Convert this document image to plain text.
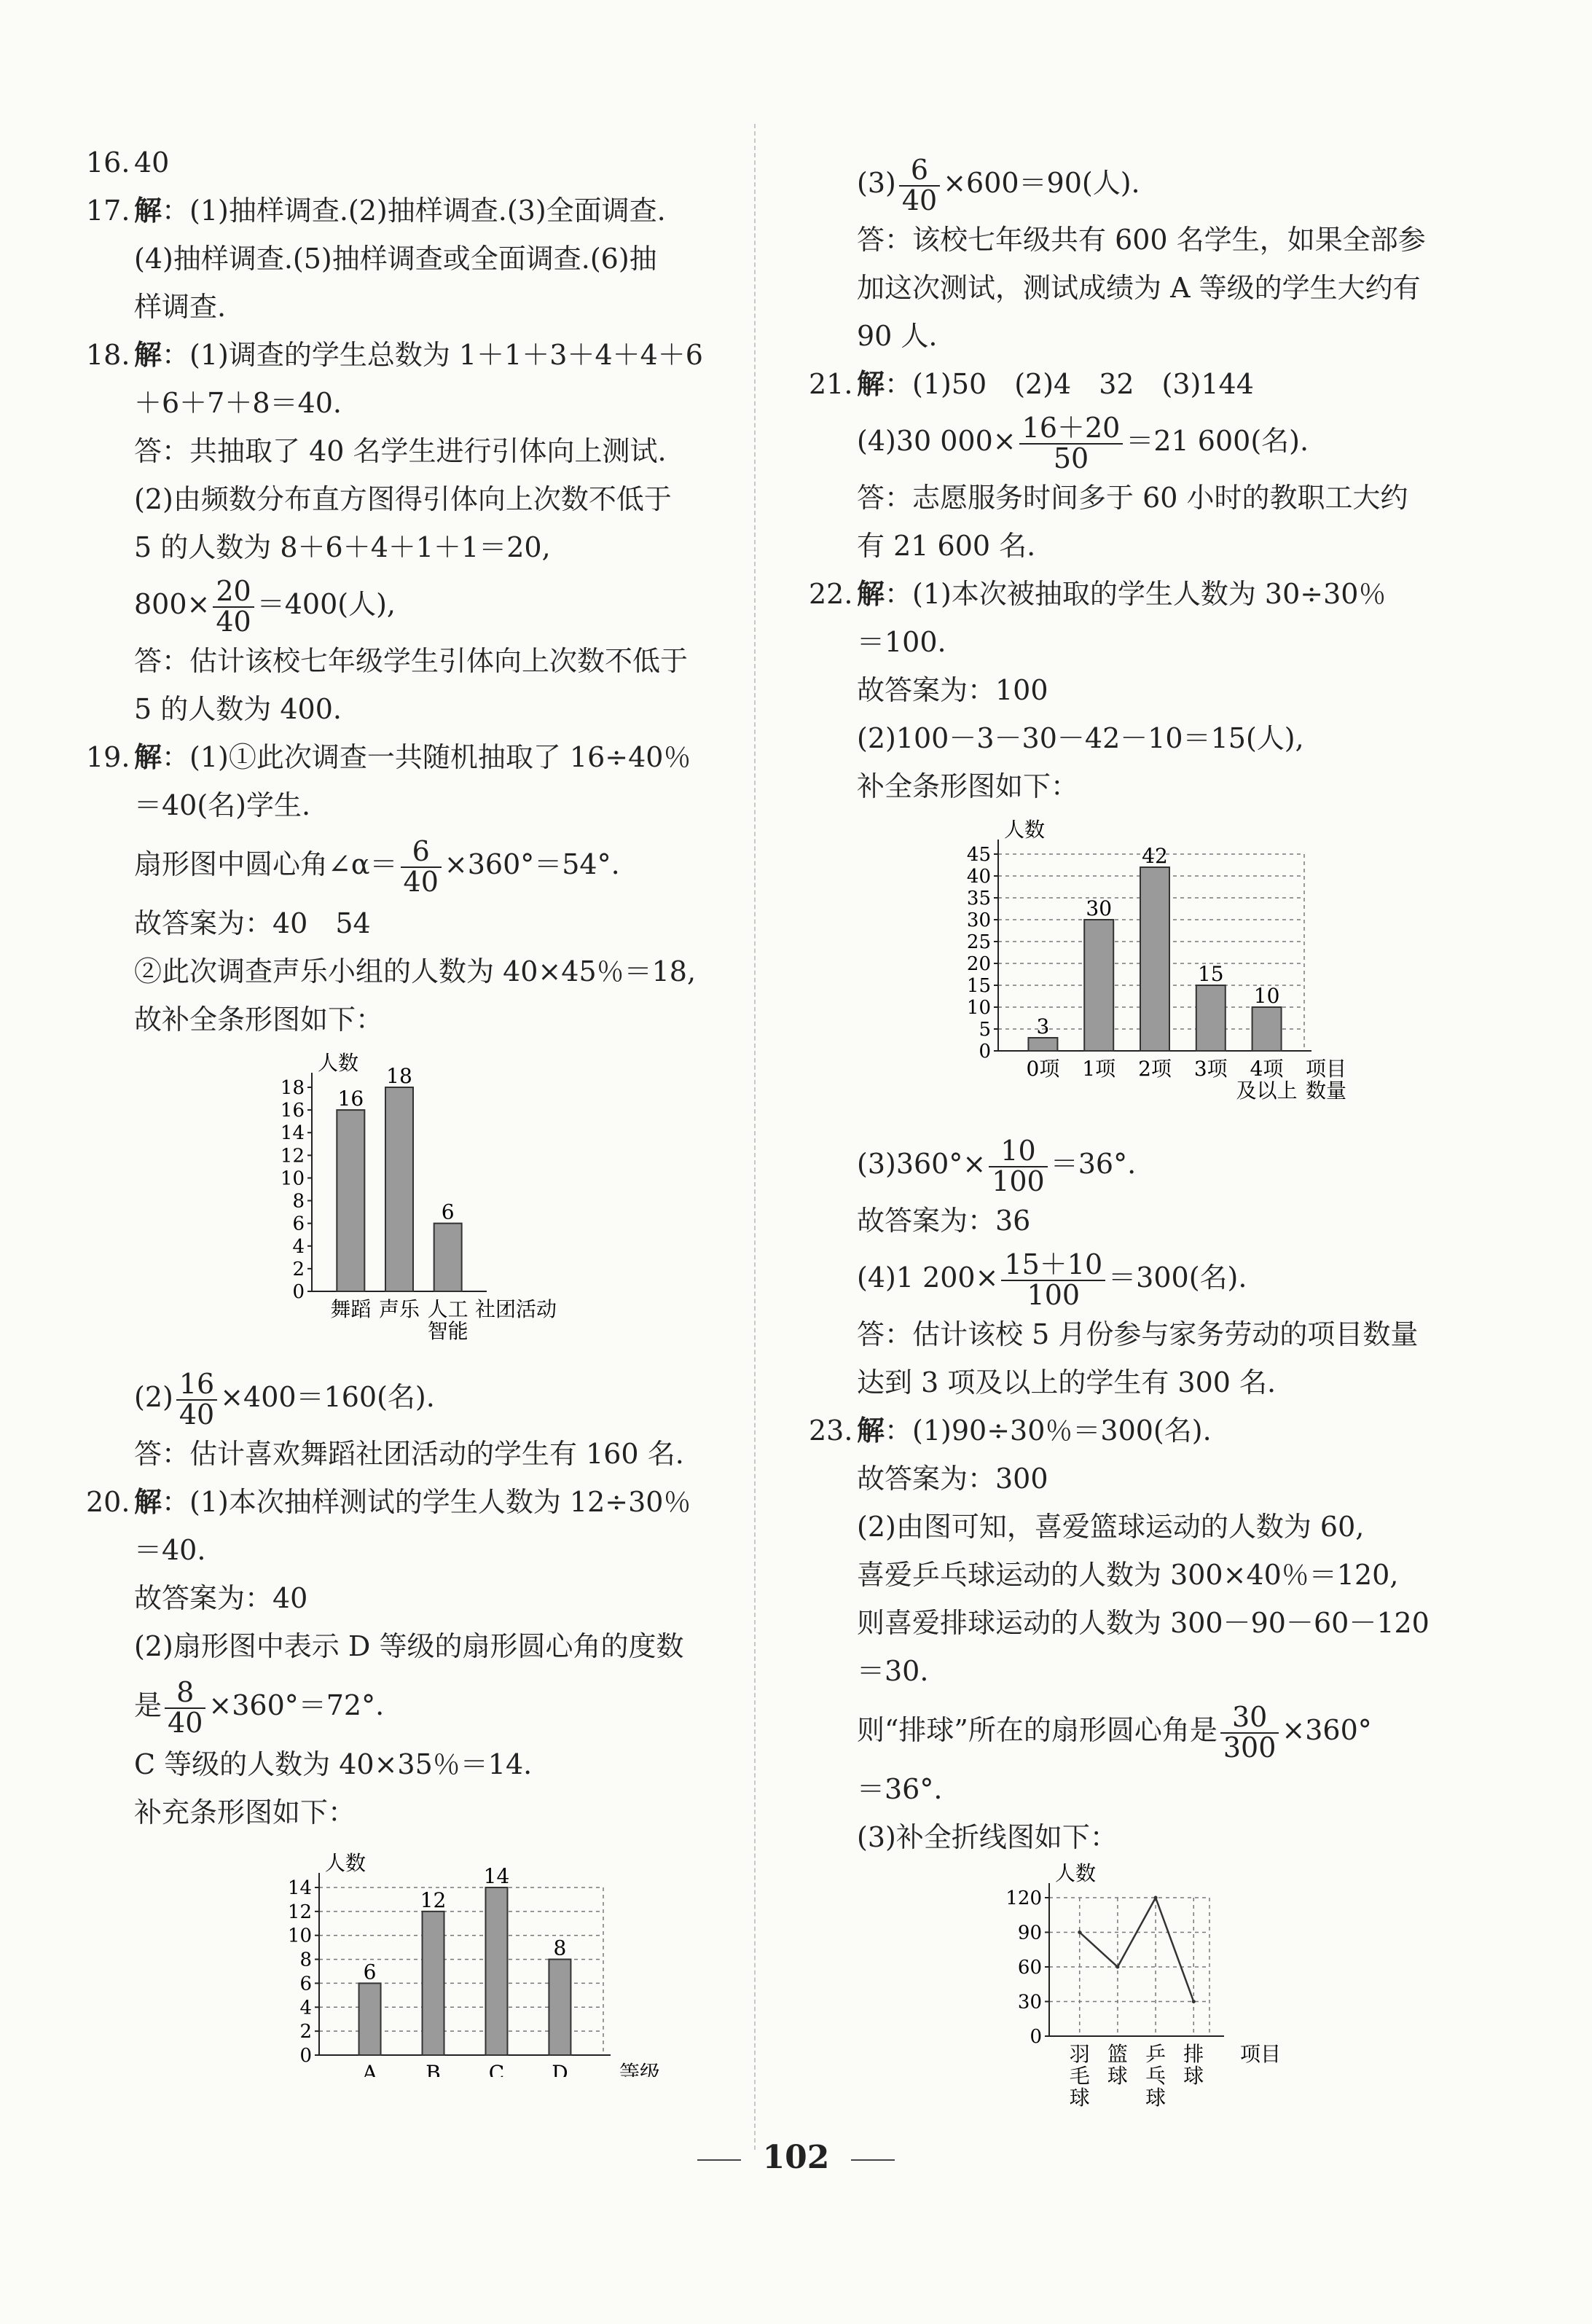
16. 40

17. 解：(1)抽样调查.(2)抽样调查.(3)全面调查.

(4)抽样调查.(5)抽样调查或全面调查.(6)抽

样调查.

18. 解：(1)调查的学生总数为 1＋1＋3＋4＋4＋6

＋6＋7＋8＝40.

答：共抽取了 40 名学生进行引体向上测试.

(2)由频数分布直方图得引体向上次数不低于

5 的人数为 8＋6＋4＋1＋1＝20,

$800\times \frac{20}{40} =400$(人),

答：估计该校七年级学生引体向上次数不低于

5 的人数为 400.

19. 解：(1)①此次调查一共随机抽取了 16÷40％

＝40(名)学生.

扇形图中圆心角∠α＝ $\frac{6}{40} \times 360^\circ=54^\circ$.

故答案为：40　54

②此次调查声乐小组的人数为 40×45％＝18,

故补全条形图如下：

0
2
4
6
8
10
12
14
16
18
人数
16
18
6
舞蹈 声乐 人工
智能
社团活动

$(2) \frac{16}{40} \times 400=160$(名).

答：估计喜欢舞蹈社团活动的学生有 160 名.

20. 解：(1)本次抽样测试的学生人数为 12÷30％

＝40.

故答案为：40

(2)扇形图中表示 D 等级的扇形圆心角的度数

是 $\frac{8}{40} \times 360^\circ=72^\circ$.

C 等级的人数为 40×35％＝14.

补充条形图如下：

0
2
4
6
8
10
12
14
人数
6
12
14
8
A B C D	等级

$(3) \frac{6}{40} \times 600=90$(人).

答：该校七年级共有 600 名学生，如果全部参

加这次测试，测试成绩为 A 等级的学生大约有

90 人.

21. 解：(1)50　(2)4　32　(3)144

(4)30 $000\times \frac{16+20}{50} =21$ 600(名).

答：志愿服务时间多于 60 小时的教职工大约

有 21 600 名.

22. 解：(1)本次被抽取的学生人数为 30÷30％

＝100.

故答案为：100

(2)100－3－30－42－10＝15(人),

补全条形图如下：

0
5
10
15
20
25
30
35
40
45
人数
3
30
42
15
10
0项 1项 2项 3项 4项
及以上
项目
数量

$(3)360^\circ\times \frac{10}{100} =36^\circ$.

故答案为：36

(4)1 $200\times \frac{15+10}{100} =300$(名).

答：估计该校 5 月份参与家务劳动的项目数量

达到 3 项及以上的学生有 300 名.

23. 解：(1)90÷30％＝300(名).

故答案为：300

(2)由图可知，喜爱篮球运动的人数为 60,

喜爱乒乓球运动的人数为 300×40％＝120,

则喜爱排球运动的人数为 300－90－60－120

＝30.

则“排球”所在的扇形圆心角是 $\frac{30}{300} \times 360^\circ$

＝36°.

(3)补全折线图如下：

0
30
60
90
120
人数
羽
毛
球
篮
球
乒
乓
球
排
球
项目
102
